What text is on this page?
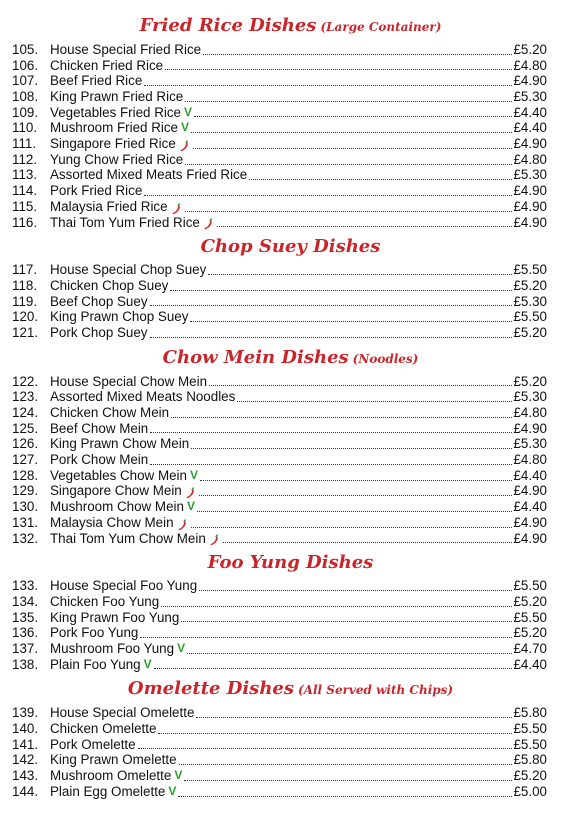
Fried Rice Dishes (Large Container)
105. House Special Fried Rice	£5.20
106. Chicken Fried Rice	£4.80
107. Beef Fried Rice	£4.90
108. King Prawn Fried Rice	£5.30
109. Vegetables Fried Rice V	£4.40
110. Mushroom Fried Rice V	£4.40
111.	Singapore Fried Rice	£4.90
112. Yung Chow Fried Rice	£4.80
113. Assorted Mixed Meats Fried Rice	£5.30
114. Pork Fried Rice	£4.90
115. Malaysia Fried Rice	£4.90
116. Thai Tom Yum Fried Rice	£4.90
Chop Suey Dishes
117. House Special Chop Suey	£5.50
118. Chicken Chop Suey	£5.20
119. Beef Chop Suey	£5.30
120. King Prawn Chop Suey	£5.50
121. Pork Chop Suey	£5.20
Chow Mein Dishes (Noodles)
122. House Special Chow Mein	£5.20
123. Assorted Mixed Meats Noodles	£5.30
124. Chicken Chow Mein	£4.80
125. Beef Chow Mein	£4.90
126. King Prawn Chow Mein	£5.30
127. Pork Chow Mein	£4.80
128. Vegetables Chow Mein V	£4.40
129. Singapore Chow Mein	£4.90
130. Mushroom Chow Mein V	£4.40
131. Malaysia Chow Mein	£4.90
132. Thai Tom Yum Chow Mein	£4.90
Foo Yung Dishes
133. House Special Foo Yung	£5.50
134. Chicken Foo Yung	£5.20
135. King Prawn Foo Yung	£5.50
136. Pork Foo Yung	£5.20
137. Mushroom Foo Yung V	£4.70
138. Plain Foo Yung V	£4.40
Omelette Dishes (All Served with Chips)
139. House Special Omelette	£5.80
140. Chicken Omelette	£5.50
141. Pork Omelette	£5.50
142. King Prawn Omelette	£5.80
143. Mushroom Omelette V	£5.20
144. Plain Egg Omelette V	£5.00
